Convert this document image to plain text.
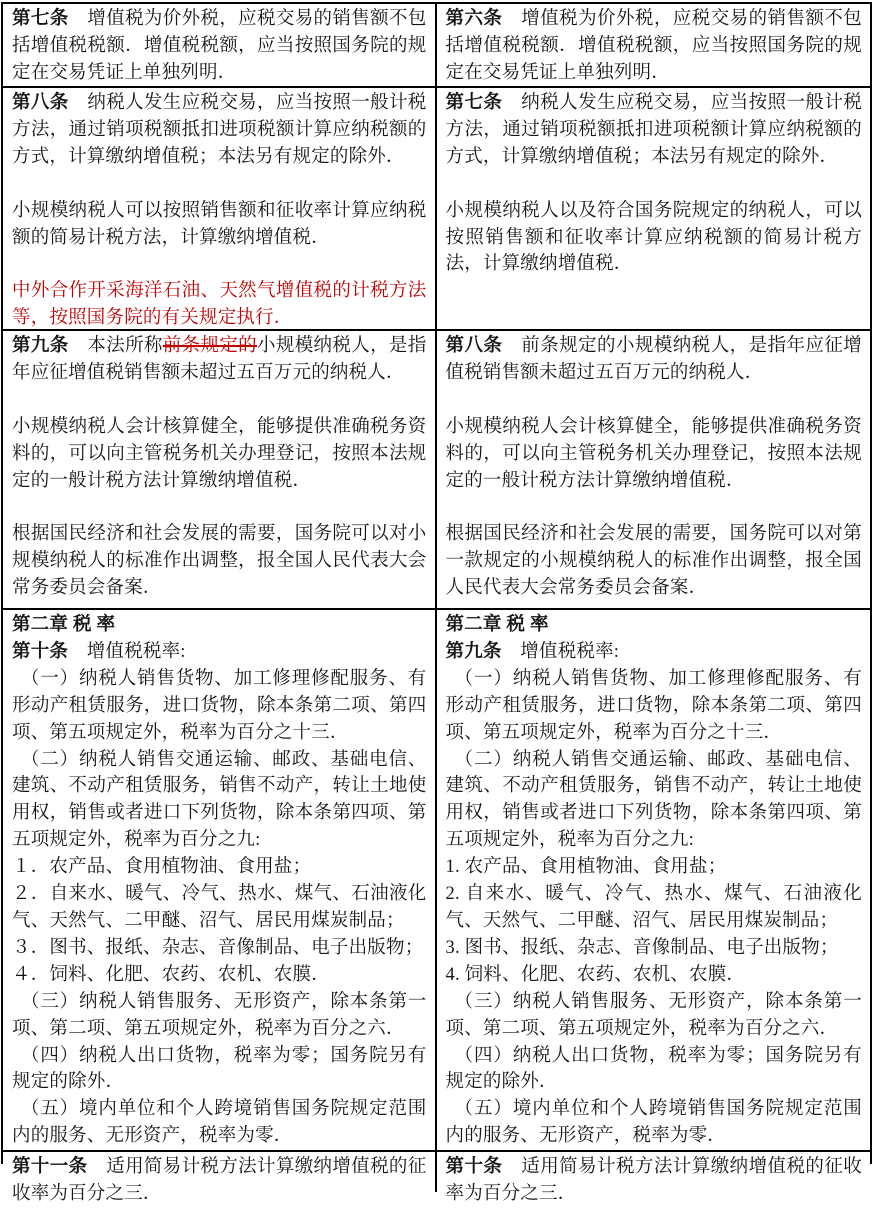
第七条　增值税为价外税，应税交易的销售额不包括增值税税额．增值税税额，应当按照国务院的规定在交易凭证上单独列明．

第六条　增值税为价外税，应税交易的销售额不包括增值税税额．增值税税额，应当按照国务院的规定在交易凭证上单独列明．

第八条　纳税人发生应税交易，应当按照一般计税方法，通过销项税额抵扣进项税额计算应纳税额的方式，计算缴纳增值税；本法另有规定的除外．

小规模纳税人可以按照销售额和征收率计算应纳税额的简易计税方法，计算缴纳增值税．

中外合作开采海洋石油、天然气增值税的计税方法等，按照国务院的有关规定执行．

第七条　纳税人发生应税交易，应当按照一般计税方法，通过销项税额抵扣进项税额计算应纳税额的方式，计算缴纳增值税；本法另有规定的除外．

小规模纳税人以及符合国务院规定的纳税人，可以按照销售额和征收率计算应纳税额的简易计税方法，计算缴纳增值税．

第九条　本法所称前条规定的小规模纳税人，是指年应征增值税销售额未超过五百万元的纳税人．

小规模纳税人会计核算健全，能够提供准确税务资料的，可以向主管税务机关办理登记，按照本法规定的一般计税方法计算缴纳增值税．

根据国民经济和社会发展的需要，国务院可以对小规模纳税人的标准作出调整，报全国人民代表大会常务委员会备案．

第八条　前条规定的小规模纳税人，是指年应征增值税销售额未超过五百万元的纳税人．

小规模纳税人会计核算健全，能够提供准确税务资料的，可以向主管税务机关办理登记，按照本法规定的一般计税方法计算缴纳增值税．

根据国民经济和社会发展的需要，国务院可以对第一款规定的小规模纳税人的标准作出调整，报全国人民代表大会常务委员会备案．

第二章 税 率

第十条　增值税税率:

（一）纳税人销售货物、加工修理修配服务、有形动产租赁服务，进口货物，除本条第二项、第四项、第五项规定外，税率为百分之十三．

（二）纳税人销售交通运输、邮政、基础电信、建筑、不动产租赁服务，销售不动产，转让土地使用权，销售或者进口下列货物，除本条第四项、第五项规定外，税率为百分之九:

１．农产品、食用植物油、食用盐；

２．自来水、暖气、冷气、热水、煤气、石油液化气、天然气、二甲醚、沼气、居民用煤炭制品；

３．图书、报纸、杂志、音像制品、电子出版物；

４．饲料、化肥、农药、农机、农膜．

（三）纳税人销售服务、无形资产，除本条第一项、第二项、第五项规定外，税率为百分之六．

（四）纳税人出口货物，税率为零；国务院另有规定的除外．

（五）境内单位和个人跨境销售国务院规定范围内的服务、无形资产，税率为零．

第二章 税 率

第九条　增值税税率:

（一）纳税人销售货物、加工修理修配服务、有形动产租赁服务，进口货物，除本条第二项、第四项、第五项规定外，税率为百分之十三．

（二）纳税人销售交通运输、邮政、基础电信、建筑、不动产租赁服务，销售不动产，转让土地使用权，销售或者进口下列货物，除本条第四项、第五项规定外，税率为百分之九:

1. 农产品、食用植物油、食用盐；

2. 自来水、暖气、冷气、热水、煤气、石油液化气、天然气、二甲醚、沼气、居民用煤炭制品；

3. 图书、报纸、杂志、音像制品、电子出版物；

4. 饲料、化肥、农药、农机、农膜．

（三）纳税人销售服务、无形资产，除本条第一项、第二项、第五项规定外，税率为百分之六．

（四）纳税人出口货物，税率为零；国务院另有规定的除外．

（五）境内单位和个人跨境销售国务院规定范围内的服务、无形资产，税率为零．

第十一条　适用简易计税方法计算缴纳增值税的征收率为百分之三．

第十条　适用简易计税方法计算缴纳增值税的征收率为百分之三．
